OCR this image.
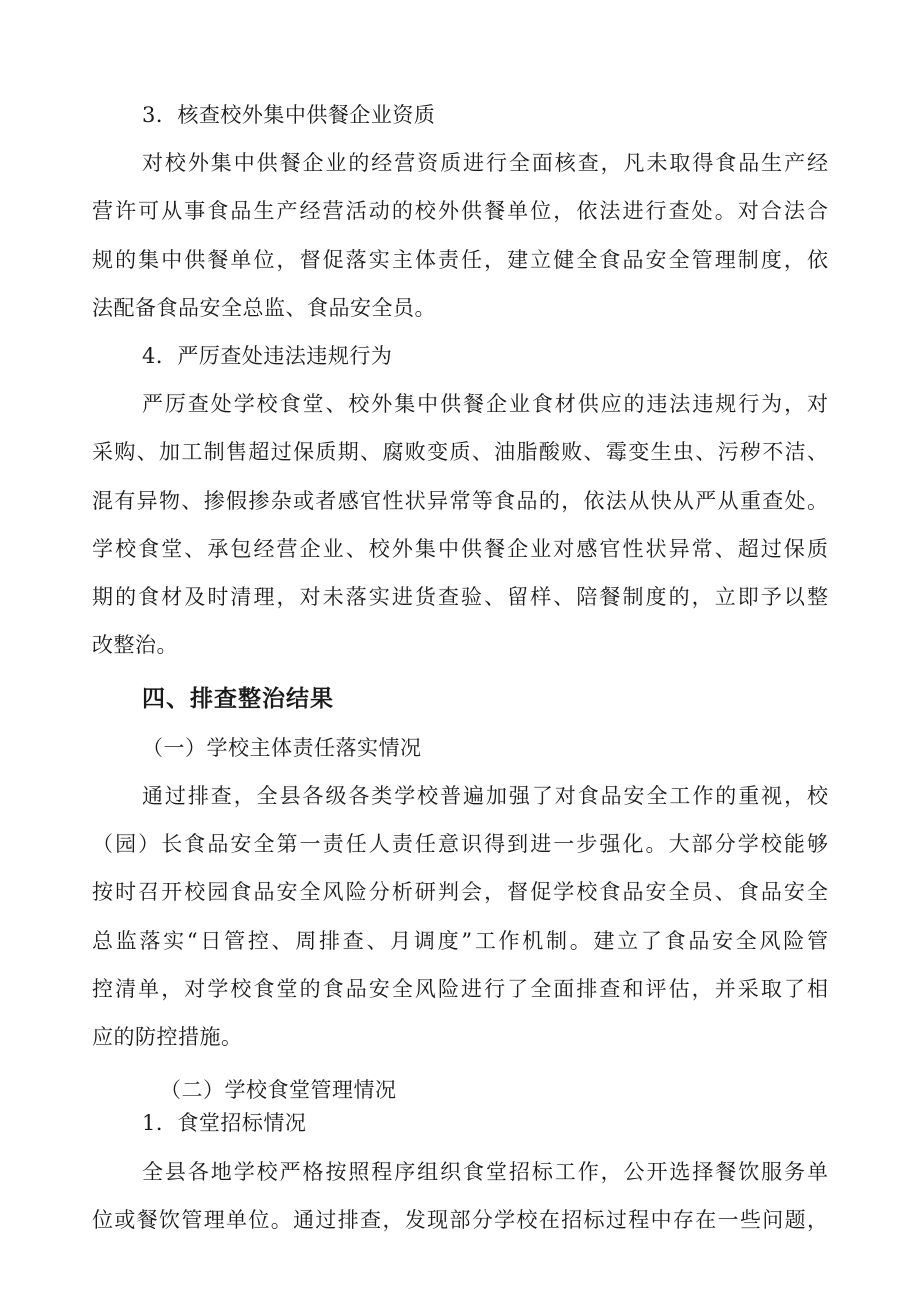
3．核查校外集中供餐企业资质
对校外集中供餐企业的经营资质进行全面核查，凡未取得食品生产经
营许可从事食品生产经营活动的校外供餐单位，依法进行查处。对合法合
规的集中供餐单位，督促落实主体责任，建立健全食品安全管理制度，依
法配备食品安全总监、食品安全员。
4．严厉查处违法违规行为
严厉查处学校食堂、校外集中供餐企业食材供应的违法违规行为，对
采购、加工制售超过保质期、腐败变质、油脂酸败、霉变生虫、污秽不洁、
混有异物、掺假掺杂或者感官性状异常等食品的，依法从快从严从重查处。
学校食堂、承包经营企业、校外集中供餐企业对感官性状异常、超过保质
期的食材及时清理，对未落实进货查验、留样、陪餐制度的，立即予以整
改整治。
四、排查整治结果
（一）学校主体责任落实情况
通过排查，全县各级各类学校普遍加强了对食品安全工作的重视，校
（园）长食品安全第一责任人责任意识得到进一步强化。大部分学校能够
按时召开校园食品安全风险分析研判会，督促学校食品安全员、食品安全
总监落实“日管控、周排查、月调度”工作机制。建立了食品安全风险管
控清单，对学校食堂的食品安全风险进行了全面排查和评估，并采取了相
应的防控措施。
（二）学校食堂管理情况
1．食堂招标情况
全县各地学校严格按照程序组织食堂招标工作，公开选择餐饮服务单
位或餐饮管理单位。通过排查，发现部分学校在招标过程中存在一些问题，
